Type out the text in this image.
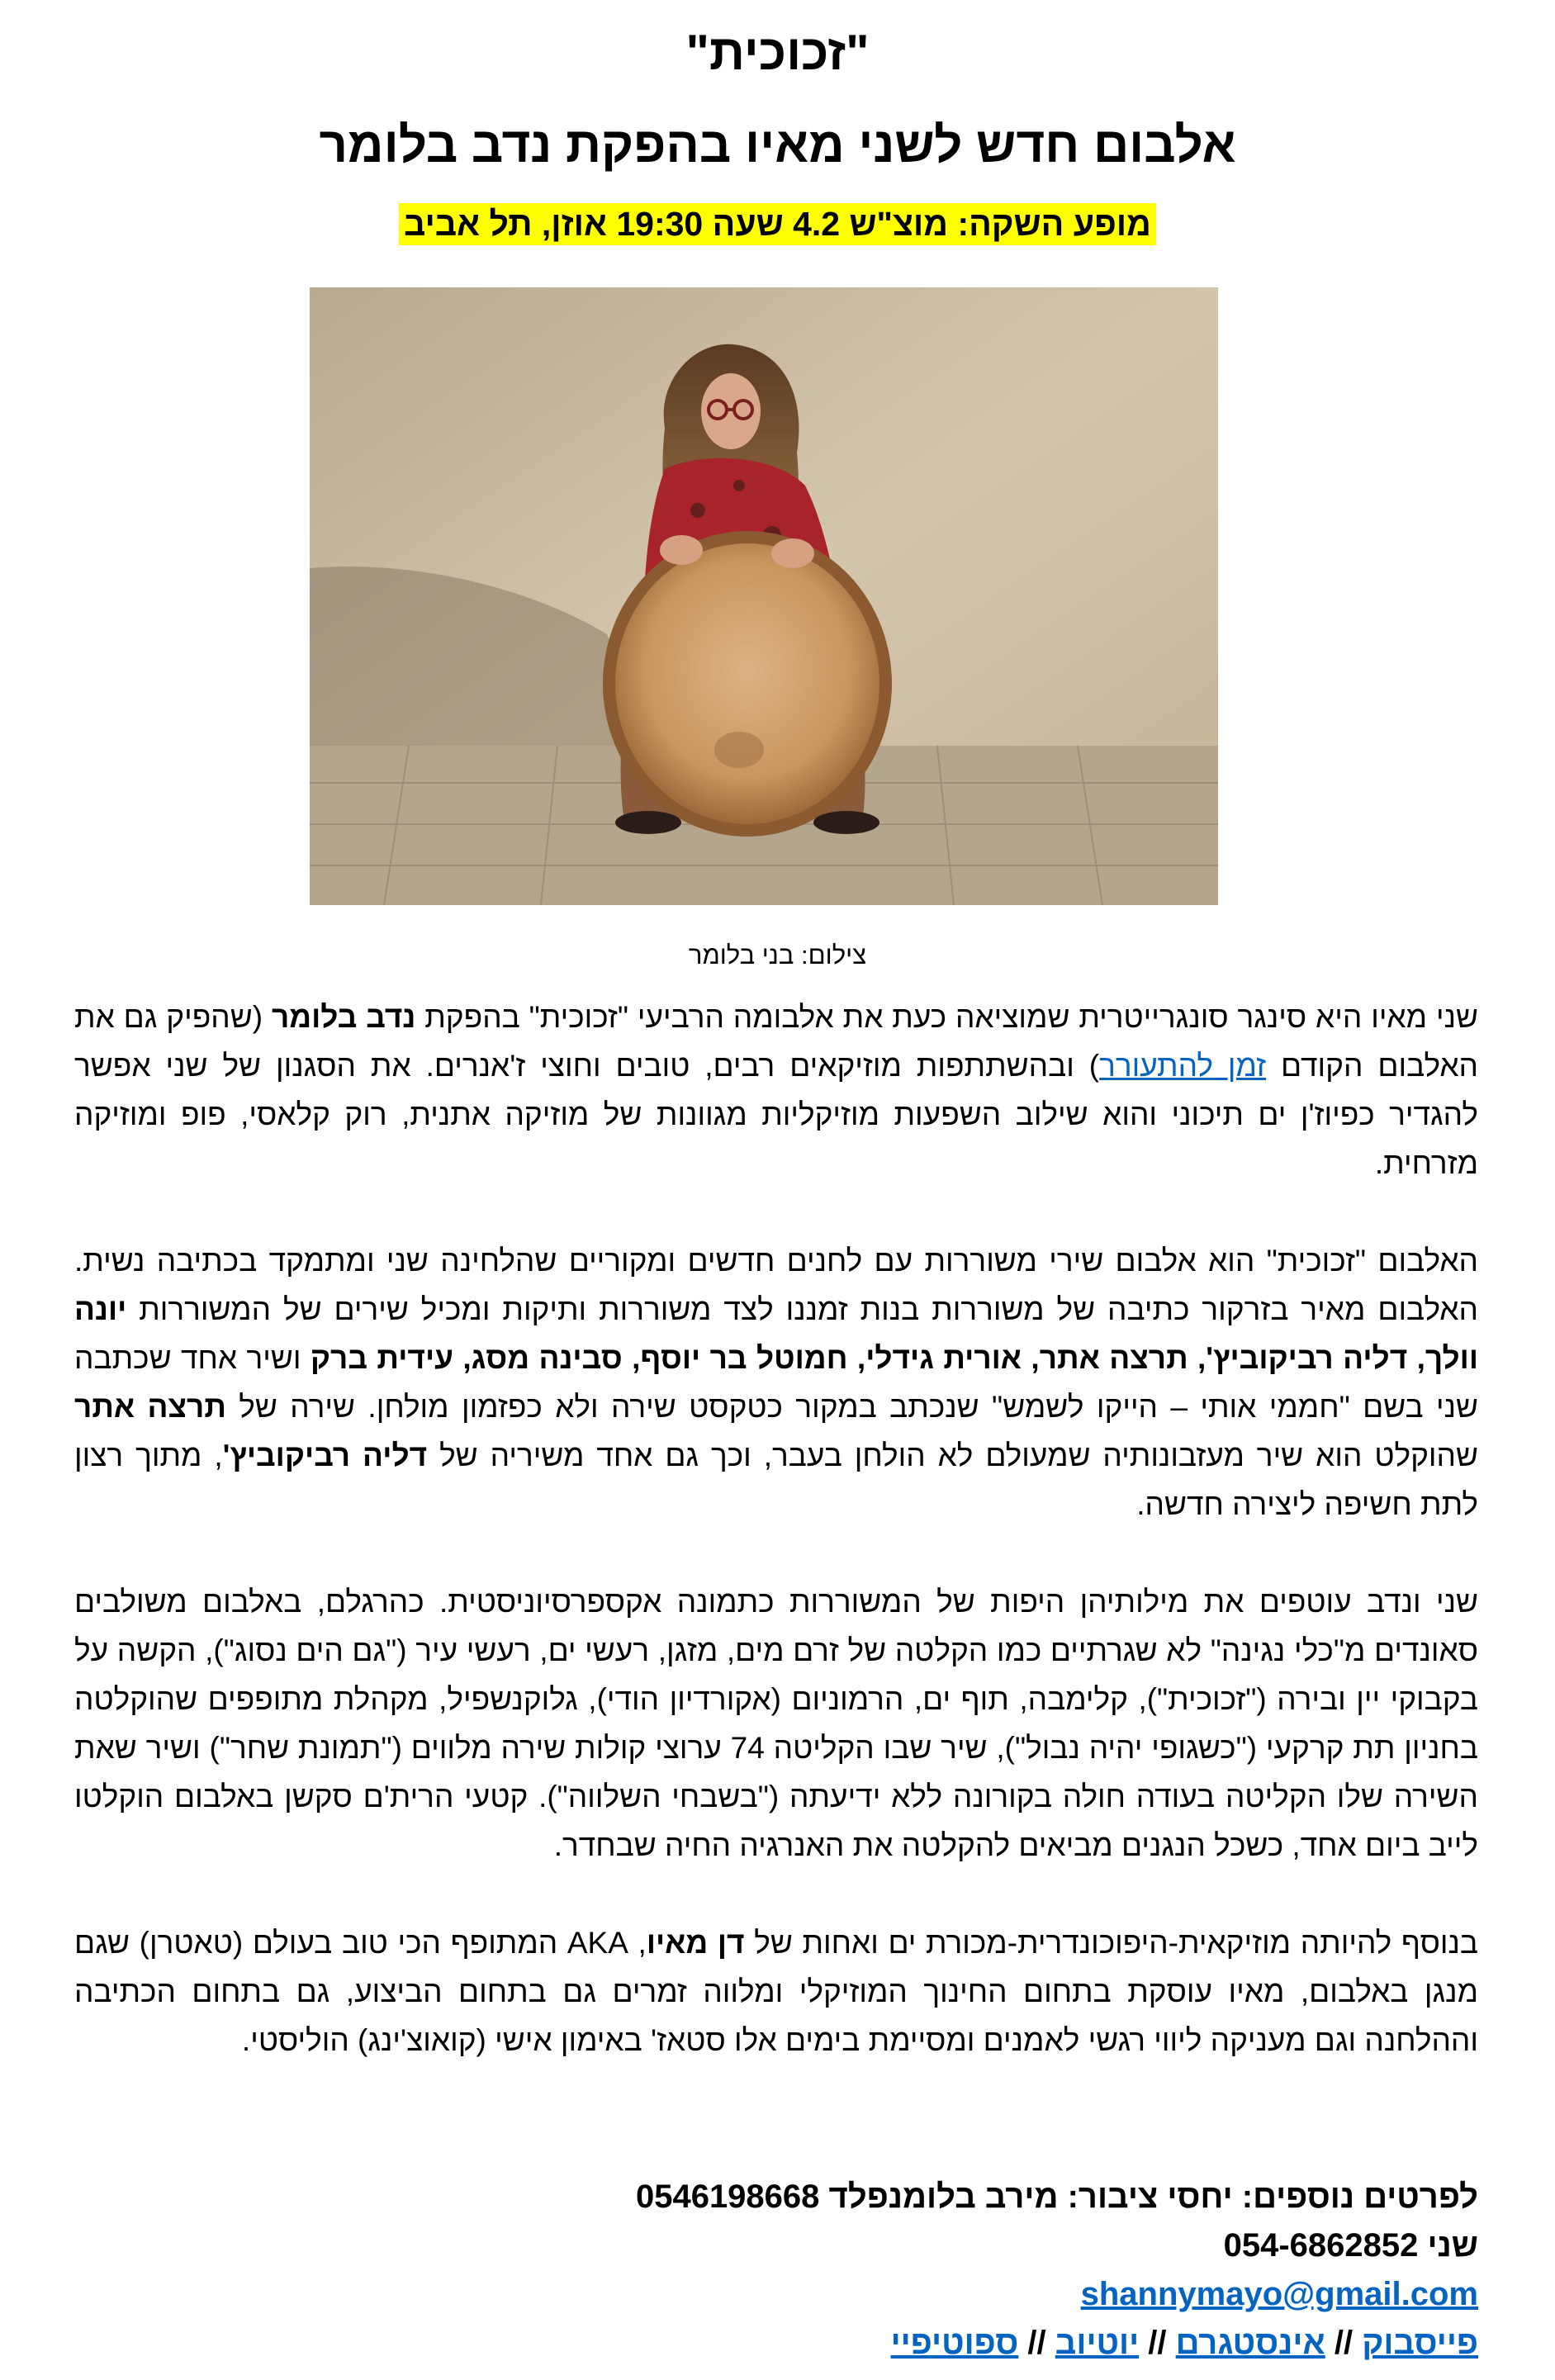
"זכוכית"
אלבום חדש לשני מאיו בהפקת נדב בלומר
מופע השקה: מוצ"ש 4.2 שעה 19:30 אוזן, תל אביב
צילום: בני בלומר

שני מאיו היא סינגר סונגרייטרית שמוציאה כעת את אלבומה הרביעי "זכוכית" בהפקת נדב בלומר (שהפיק גם את האלבום הקודם זמן להתעורר) ובהשתתפות מוזיקאים רבים, טובים וחוצי ז'אנרים. את הסגנון של שני אפשר להגדיר כפיוז'ן ים תיכוני והוא שילוב השפעות מוזיקליות מגוונות של מוזיקה אתנית, רוק קלאסי, פופ ומוזיקה מזרחית.

האלבום "זכוכית" הוא אלבום שירי משוררות עם לחנים חדשים ומקוריים שהלחינה שני ומתמקד בכתיבה נשית. האלבום מאיר בזרקור כתיבה של משוררות בנות זמננו לצד משוררות ותיקות ומכיל שירים של המשוררות יונה וולך, דליה רביקוביץ', תרצה אתר, אורית גידלי, חמוטל בר יוסף, סבינה מסג, עידית ברק ושיר אחד שכתבה שני בשם "חממי אותי – הייקו לשמש" שנכתב במקור כטקסט שירה ולא כפזמון מולחן. שירה של תרצה אתר שהוקלט הוא שיר מעזבונותיה שמעולם לא הולחן בעבר, וכך גם אחד משיריה של דליה רביקוביץ', מתוך רצון לתת חשיפה ליצירה חדשה.

שני ונדב עוטפים את מילותיהן היפות של המשוררות כתמונה אקספרסיוניסטית. כהרגלם, באלבום משולבים סאונדים מ"כלי נגינה" לא שגרתיים כמו הקלטה של זרם מים, מזגן, רעשי ים, רעשי עיר ("גם הים נסוג"), הקשה על בקבוקי יין ובירה ("זכוכית"), קלימבה, תוף ים, הרמוניום (אקורדיון הודי), גלוקנשפיל, מקהלת מתופפים שהוקלטה בחניון תת קרקעי ("כשגופי יהיה נבול"), שיר שבו הקליטה 74 ערוצי קולות שירה מלווים ("תמונת שחר") ושיר שאת השירה שלו הקליטה בעודה חולה בקורונה ללא ידיעתה ("בשבחי השלווה"). קטעי הרית'ם סקשן באלבום הוקלטו לייב ביום אחד, כשכל הנגנים מביאים להקלטה את האנרגיה החיה שבחדר.

בנוסף להיותה מוזיקאית-היפוכונדרית-מכורת ים ואחות של דן מאיו, AKA המתופף הכי טוב בעולם (טאטרן) שגם מנגן באלבום, מאיו עוסקת בתחום החינוך המוזיקלי ומלווה זמרים גם בתחום הביצוע, גם בתחום הכתיבה וההלחנה וגם מעניקה ליווי רגשי לאמנים ומסיימת בימים אלו סטאז' באימון אישי (קואוצ'ינג) הוליסטי.

לפרטים נוספים: יחסי ציבור: מירב בלומנפלד 0546198668
שני 054-6862852
shannymayo@gmail.com
פייסבוק // אינסטגרם // יוטיוב // ספוטיפיי
